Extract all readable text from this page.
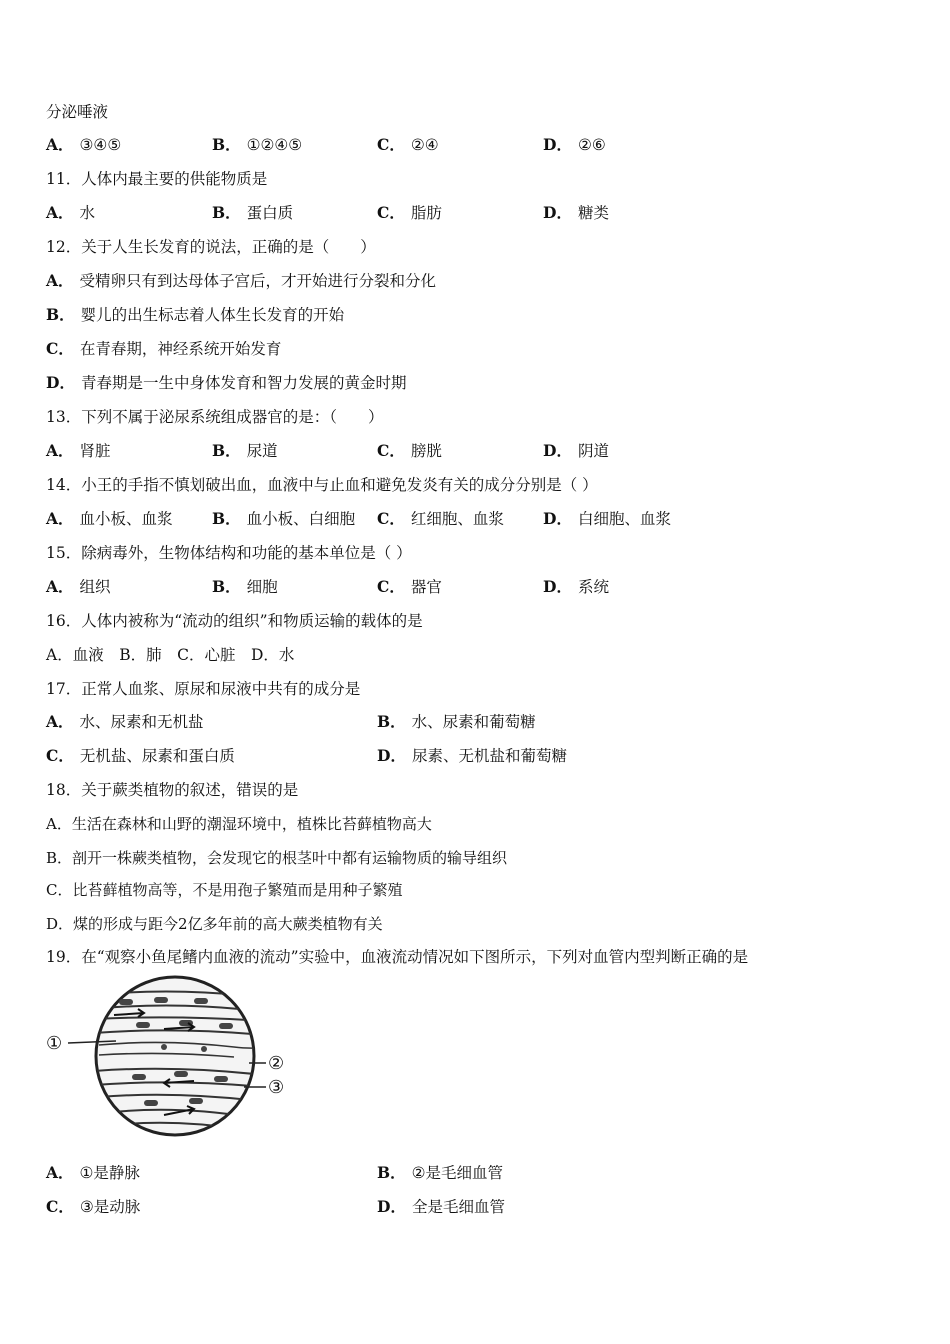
分泌唾液
A． ③④⑤	B． ①②④⑤	C． ②④	D． ②⑥
11．人体内最主要的供能物质是
A． 水	B． 蛋白质	C． 脂肪	D． 糖类
12．关于人生长发育的说法，正确的是（　　）
A． 受精卵只有到达母体子宫后，才开始进行分裂和分化
B． 婴儿的出生标志着人体生长发育的开始
C． 在青春期，神经系统开始发育
D． 青春期是一生中身体发育和智力发展的黄金时期
13．下列不属于泌尿系统组成器官的是：（　　）
A． 肾脏	B． 尿道	C． 膀胱	D． 阴道
14．小王的手指不慎划破出血，血液中与止血和避免发炎有关的成分分别是（ ）
A． 血小板、血浆	B． 血小板、白细胞 C． 红细胞、血浆	D． 白细胞、血浆
15．除病毒外，生物体结构和功能的基本单位是（ ）
A． 组织	B． 细胞	C． 器官	D． 系统
16．人体内被称为“流动的组织”和物质运输的载体的是
A．血液　B．肺　C．心脏　D．水
17．正常人血浆、原尿和尿液中共有的成分是
A． 水、尿素和无机盐	B． 水、尿素和葡萄糖
C． 无机盐、尿素和蛋白质	D． 尿素、无机盐和葡萄糖
18．关于蕨类植物的叙述，错误的是
A．生活在森林和山野的潮湿环境中，植株比苔藓植物高大
B．剖开一株蕨类植物，会发现它的根茎叶中都有运输物质的输导组织
C．比苔藓植物高等，不是用孢子繁殖而是用种子繁殖
D．煤的形成与距今2亿多年前的高大蕨类植物有关
19．在“观察小鱼尾鳍内血液的流动”实验中，血液流动情况如下图所示，下列对血管内型判断正确的是
①
②
③
A． ①是静脉	B． ②是毛细血管
C． ③是动脉	D． 全是毛细血管
